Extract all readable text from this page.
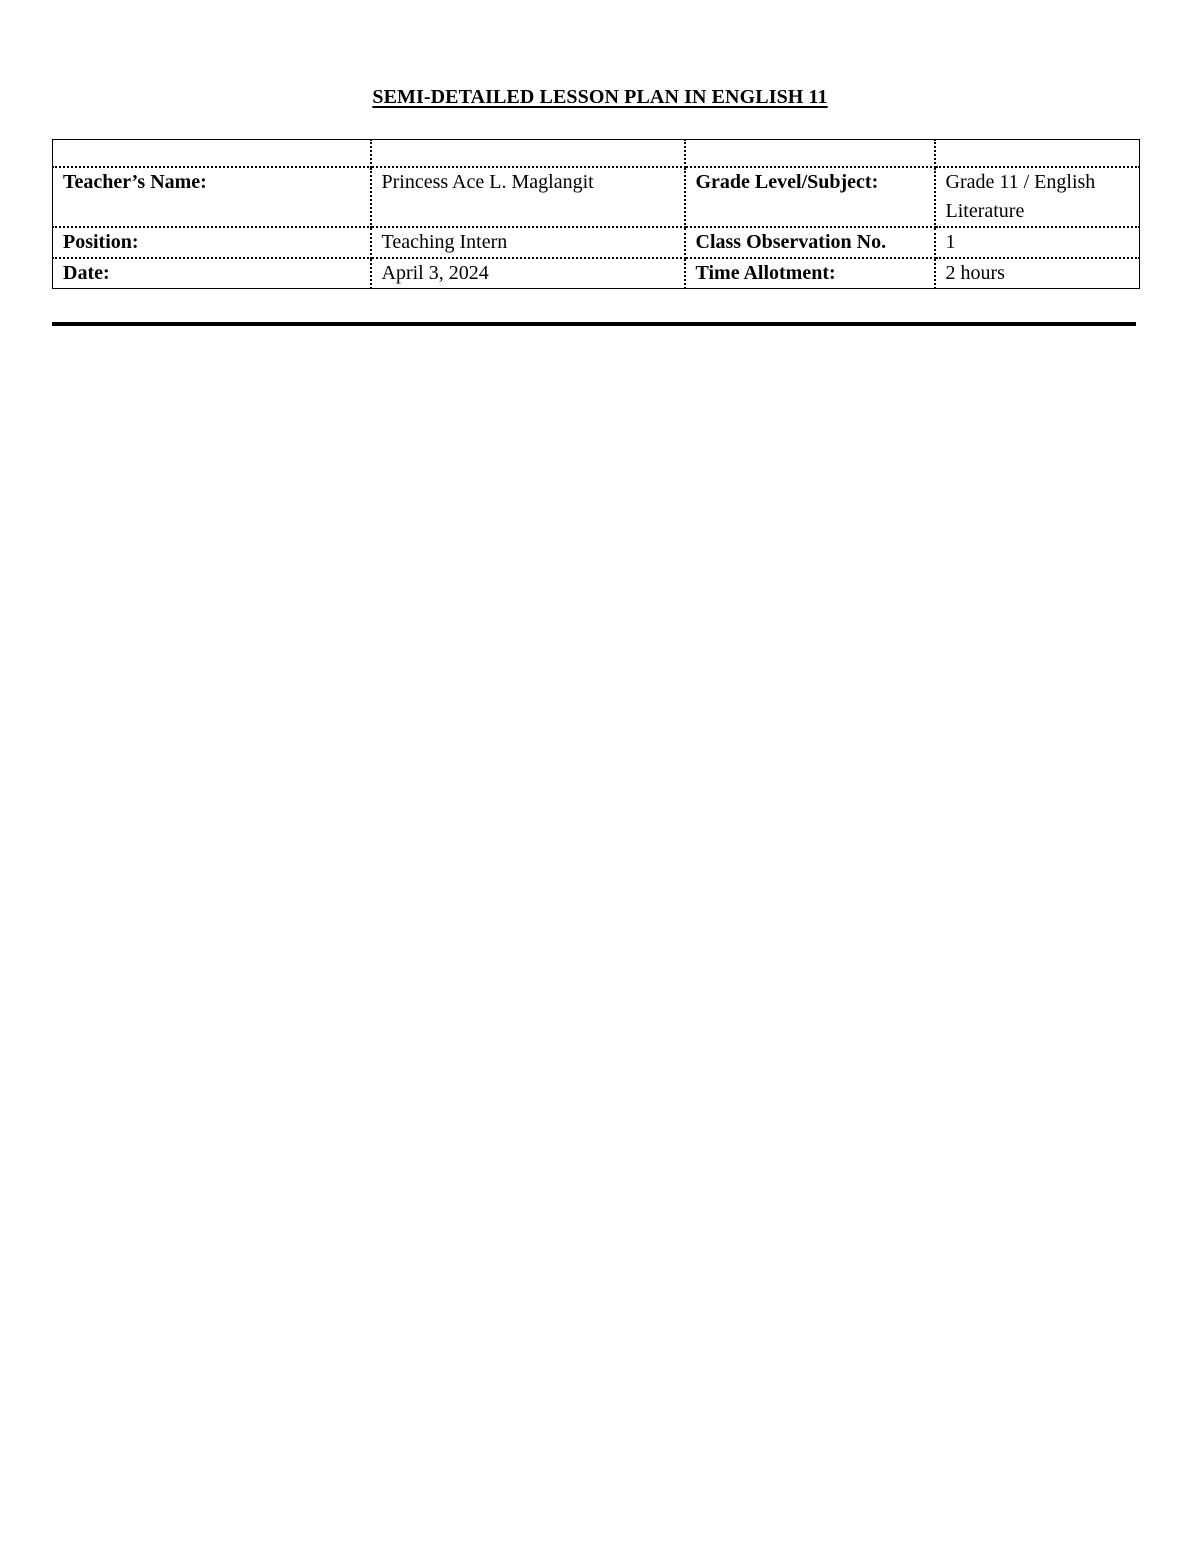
SEMI-DETAILED LESSON PLAN IN ENGLISH 11

Teacher’s Name:	Princess Ace L. Maglangit	Grade Level/Subject:	Grade 11 / English Literature
Position:	Teaching Intern	Class Observation No.	1
Date:	April 3, 2024	Time Allotment:	2 hours
